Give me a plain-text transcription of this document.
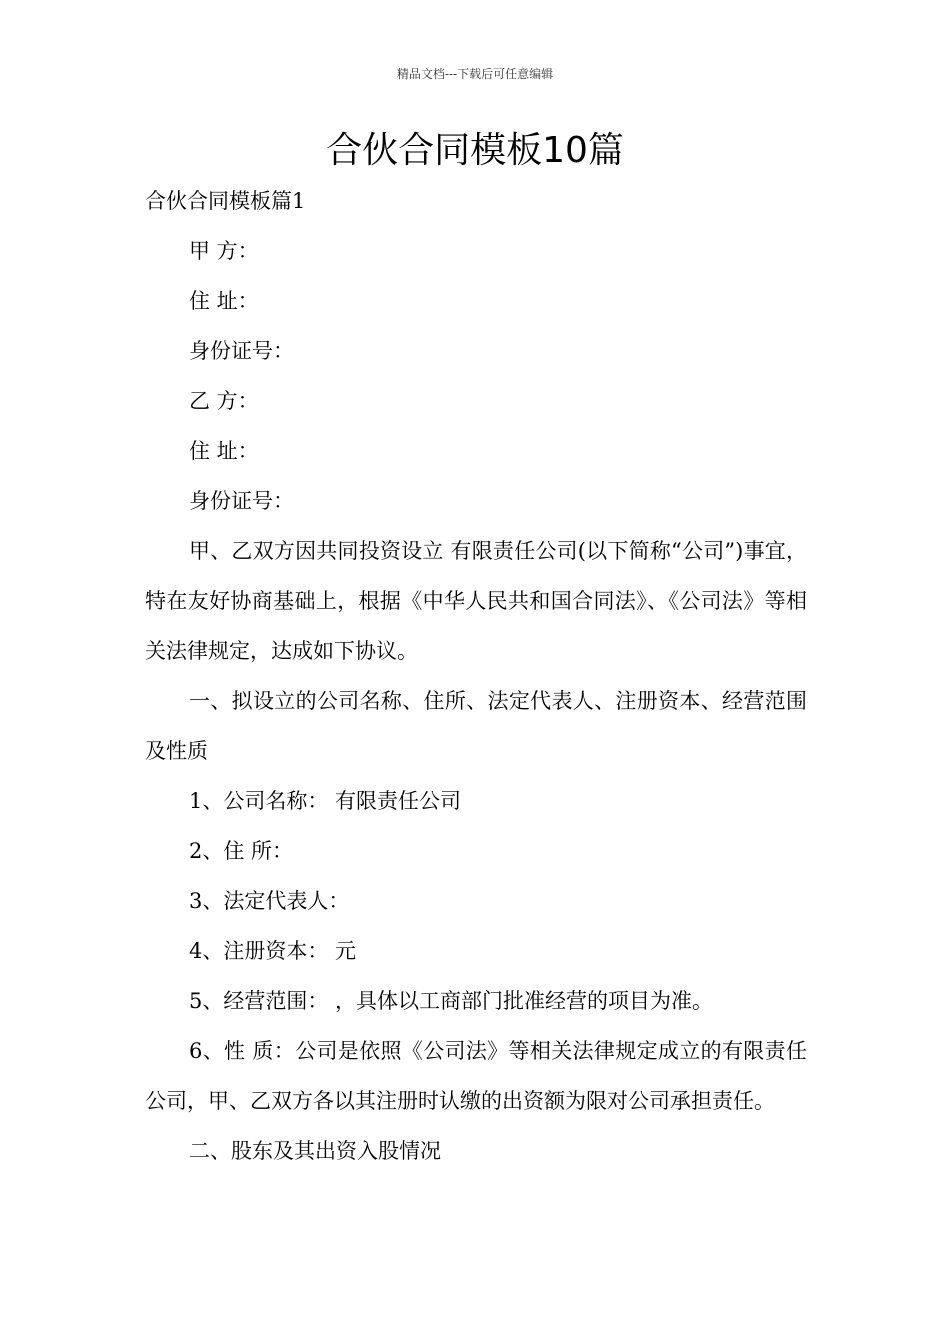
精品文档---下载后可任意编辑
合伙合同模板10篇

合伙合同模板篇1

甲 方：

住 址：

身份证号：

乙 方：

住 址：

身份证号：

甲、乙双方因共同投资设立 有限责任公司(以下简称“公司”)事宜，特在友好协商基础上，根据《中华人民共和国合同法》、《公司法》等相关法律规定，达成如下协议。

一、拟设立的公司名称、住所、法定代表人、注册资本、经营范围及性质

1、公司名称： 有限责任公司

2、住 所：

3、法定代表人：

4、注册资本： 元

5、经营范围： ，具体以工商部门批准经营的项目为准。

6、性 质：公司是依照《公司法》等相关法律规定成立的有限责任公司，甲、乙双方各以其注册时认缴的出资额为限对公司承担责任。

二、股东及其出资入股情况
